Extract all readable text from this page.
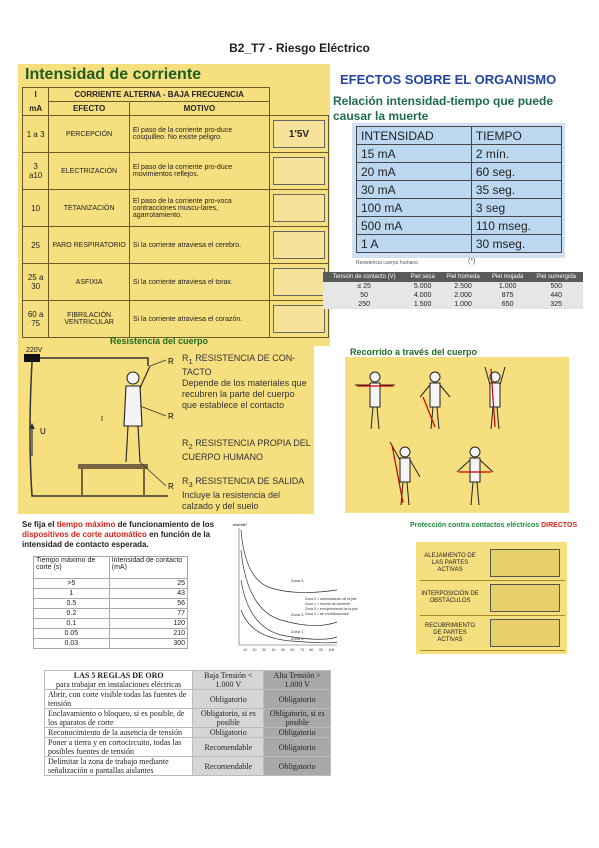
B2_T7 - Riesgo Eléctrico
Intensidad de corriente
I	CORRIENTE ALTERNA - BAJA FRECUENCIA		
mA	EFECTO	MOTIVO	
1 a 3	PERCEPCIÓN	El paso de la corriente pro-duce cosquilleo. No existe peligro.	1'5V

3 a10	ELECTRIZACIÓN	El paso de la corriente pro-duce movimientos reflejos.	

10	TETANIZACIÓN	El paso de la corriente pro-voca contracciones muscu-lares, agarrotamiento.	

25	PARO RESPIRATORIO	Si la corriente atraviesa el cerebro.	

25 a 30	ASFIXIA	Si la corriente atraviesa el torax.	

60 a 75	FIBRILACIÓN VENTRICULAR	Si la corriente atraviesa el corazón.	
EFECTOS SOBRE EL ORGANISMO
Relación intensidad-tiempo que puede causar la muerte
INTENSIDAD	TIEMPO
15 mA	2 mín.
20 mA	60 seg.
30 mA	35 seg.
100 mA	3 seg
500 mA	110 mseg.
1 A	30 mseg.
Resistencia cuerpo humano	(*)
Tensión de contacto (V)	Piel seca	Piel húmeda	Piel mojada	Piel sumergida
≤ 25	5.000	2.500	1.000	500
50	4.000	2.000	875	440
250	1.500	1.000	650	325
Resistencia del cuerpo
220V
U
I
R
R
R
$R_1$ RESISTENCIA DE CON-TACTO
Depende de los materiales que recubren la parte del cuerpo que establece el contacto
$R_2$ RESISTENCIA PROPIA DEL CUERPO HUMANO
$R_3$ RESISTENCIA DE SALIDA
Incluye la resistencia del calzado y del suelo
Recorrido a través del cuerpo
Se fija el tiempo máximo de funcionamiento de los dispositivos de corte automático en función de la intensidad de contacto esperada.
Tiempo máximo de corte (s)	Intensidad de contacto (mA)
>5	25
1	43
0.5	56
0.2	77
0.1	120
0.05	210
0.03	300
ms/mA²
Zona 4
Zona 3
Zona 1
Zona 0
Zona 0 = carbonización de la piel
Zona 1 = muerte de corriente
Zona 3 = enrojecimiento de la piel
Zona 4 = sin modificaciones
10 20 30 40 50 60 70 80 90 100
Protección contra contactos eléctricos DIRECTOS
ALEJAMIENTO DE LAS PARTES ACTIVAS
INTERPOSICIÓN DE OBSTÁCULOS
RECUBRIMIENTO DE PARTES ACTIVAS
LAS 5 REGLAS DE ORO
para trabajar en instalaciones eléctricas	Baja Tensión < 1.000 V	Alta Tensión > 1.000 V
Abrir, con corte visible todas las fuentes de tensión	Obligatorio	Obligatorio
Enclavamiento o bloqueo, si es posible, de los aparatos de corte	Obligatorio, si es posible	Obligatorio, si es posible
Reconocimiento de la ausencia de tensión	Obligatorio	Obligatorio
Poner a tierra y en cortocircuito, todas las posibles fuentes de tensión	Recomendable	Obligatorio
Delimitar la zona de trabajo mediante señalización o pantallas aislantes	Recomendable	Obligatorio
